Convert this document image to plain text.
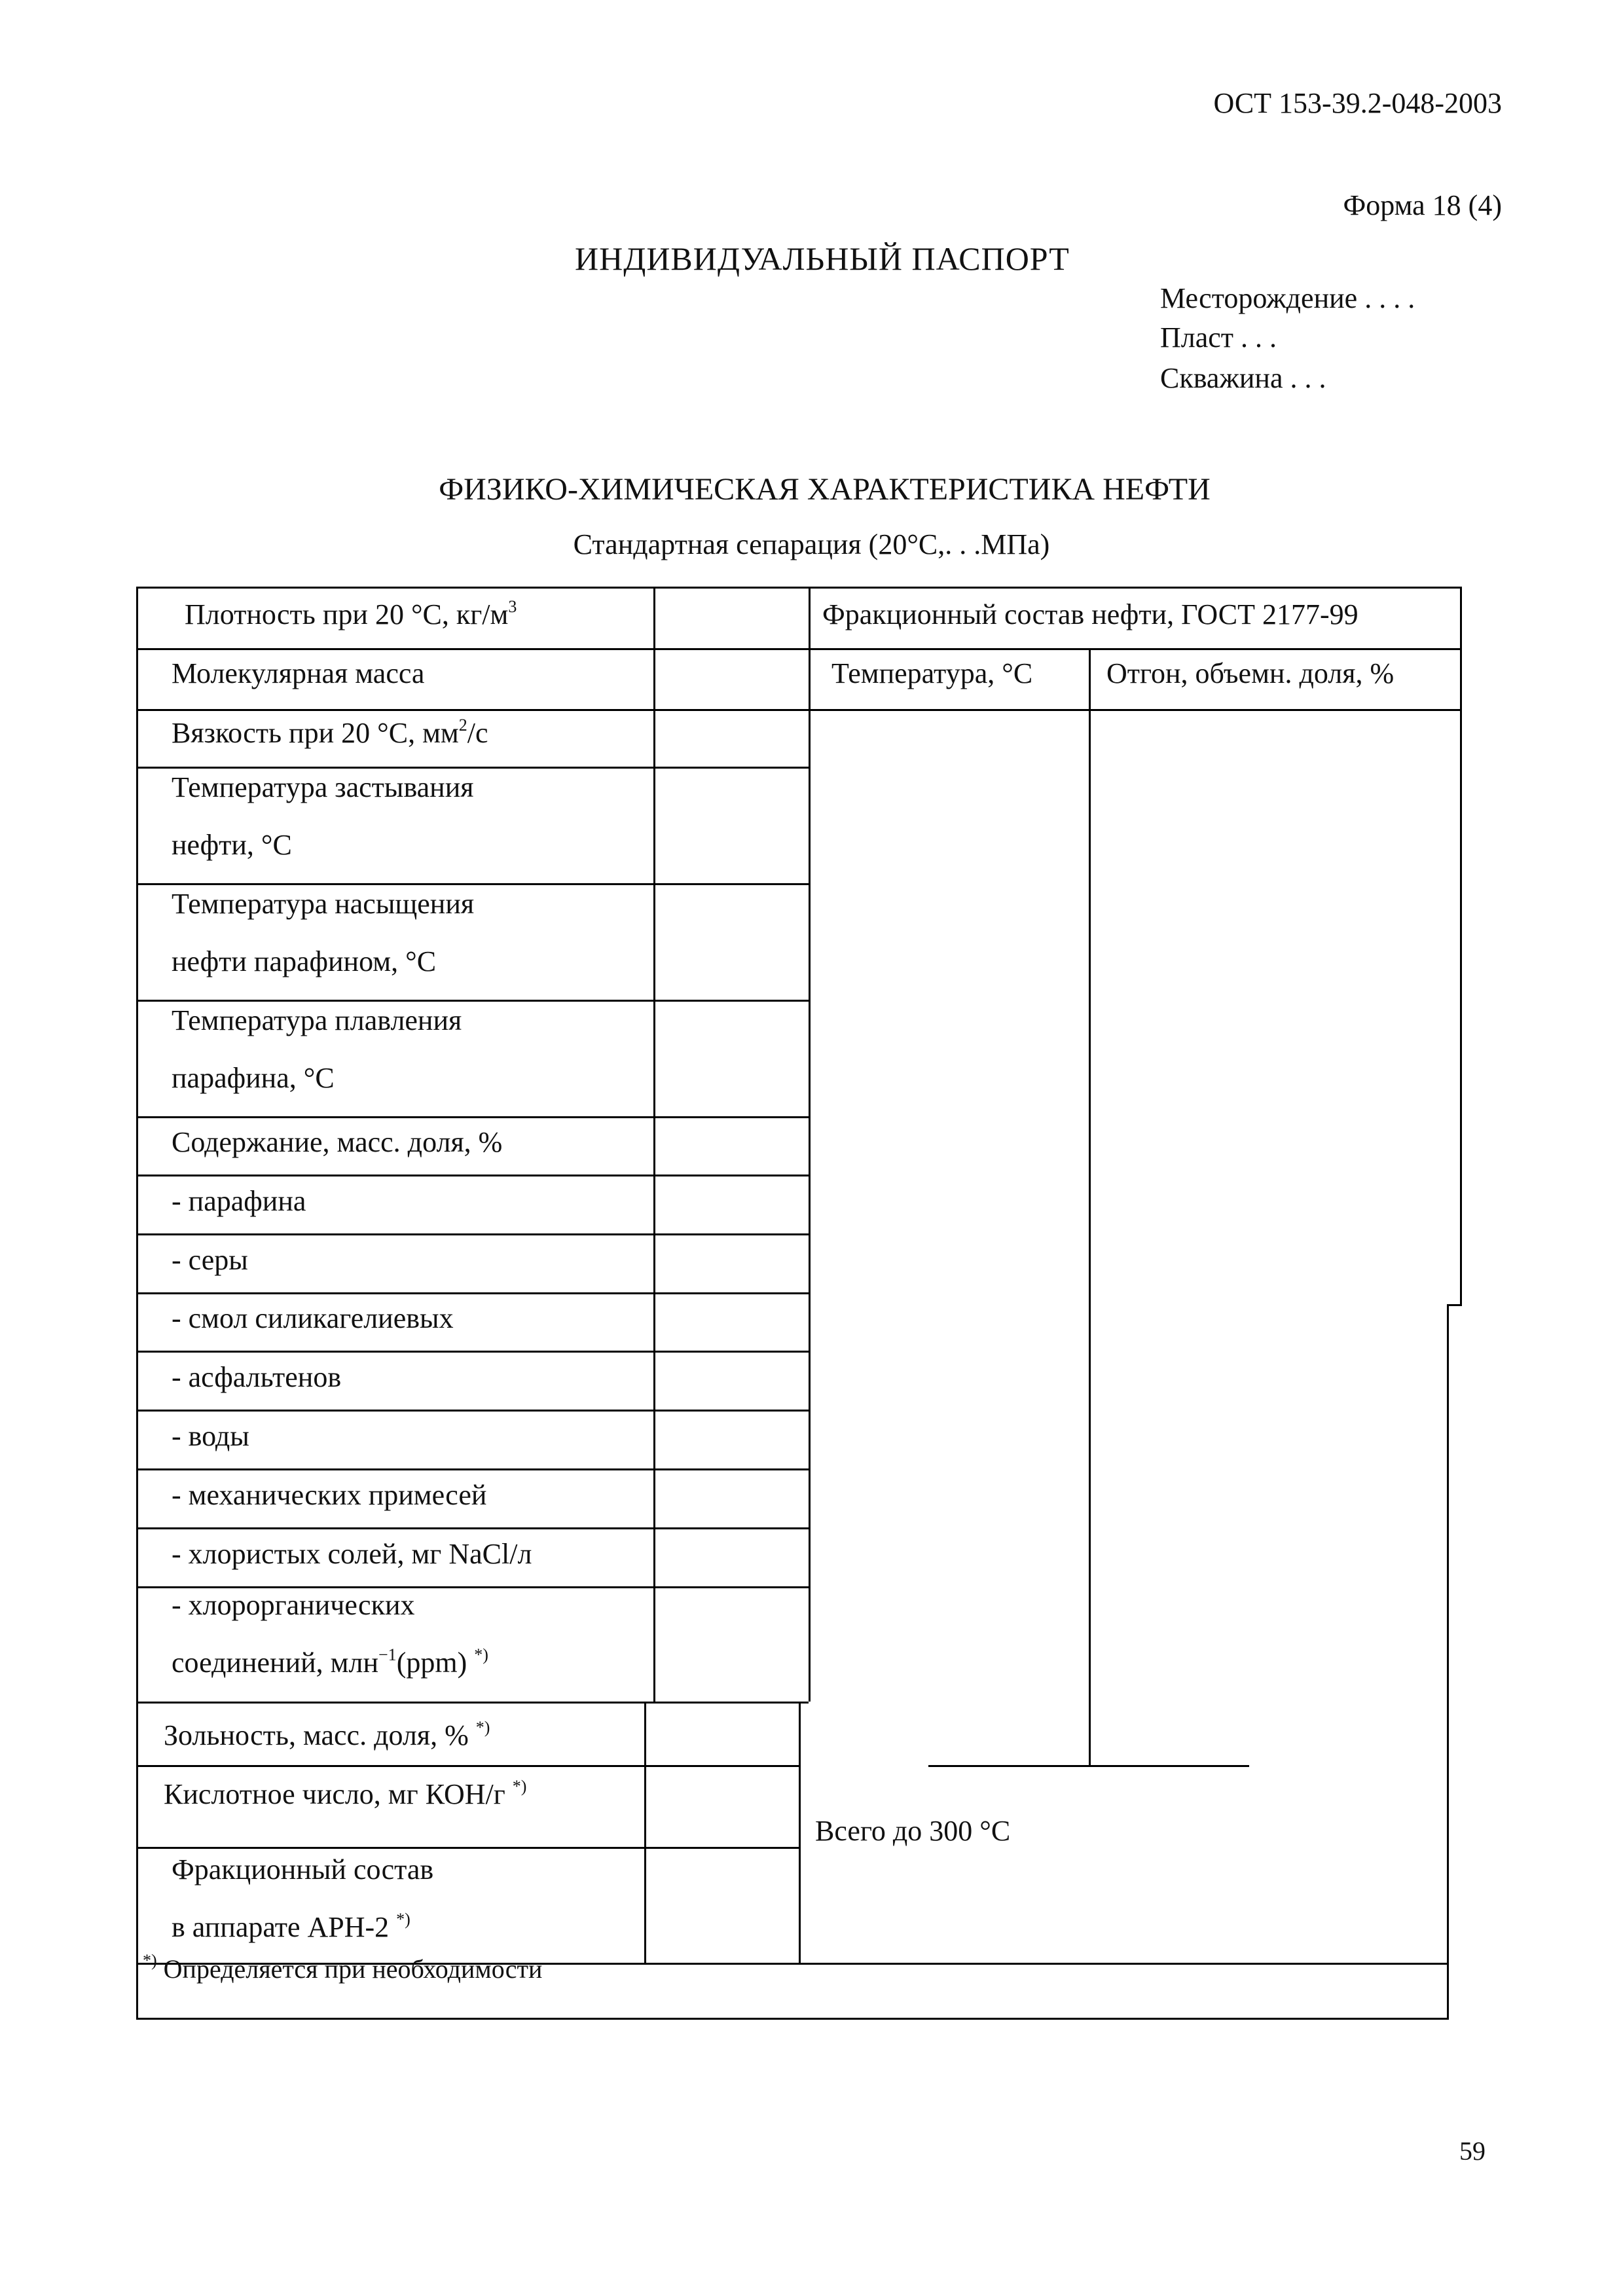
ОСТ 153-39.2-048-2003
Форма 18 (4)
ИНДИВИДУАЛЬНЫЙ ПАСПОРТ
Месторождение . . . .
Пласт . . .
Скважина . . .
ФИЗИКО-ХИМИЧЕСКАЯ ХАРАКТЕРИСТИКА НЕФТИ
Стандартная сепарация (20°С,. . .МПа)
Плотность при 20 °С, $кг/м^3$
Молекулярная масса
Вязкость при 20 °С, $мм^2/с$
Температура застывания
нефти, °С
Температура насыщения
нефти парафином, °С
Температура плавления
парафина, °С
Содержание, масс. доля, %
- парафина
- серы
- смол силикагелиевых
- асфальтенов
- воды
- механических примесей
- хлористых солей, мг NaCl/л
- хлорорганических
соединений, млн$^{-1}$(ppm) *)
Зольность, масс. доля, % *)
Кислотное число, мг КОН/г *)
Фракционный состав
в аппарате АРН-2 *)
Фракционный состав нефти, ГОСТ 2177-99
Температура, °С	Отгон, объемн. доля, %
Всего до 300 °С
*) Определяется при необходимости
59
